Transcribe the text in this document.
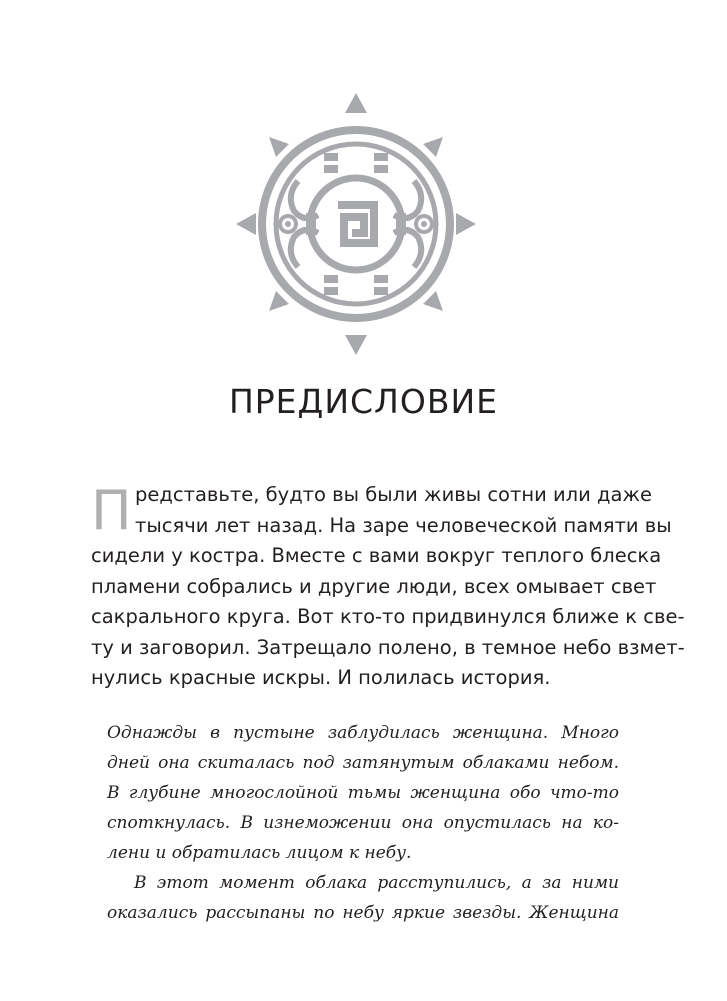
ПРЕДИСЛОВИЕ
П редставьте, будто вы были живы сотни или даже
тысячи лет назад. На заре человеческой памяти вы
сидели у костра. Вместе с вами вокруг теплого блеска
пламени собрались и другие люди, всех омывает свет
сакрального круга. Вот кто-то придвинулся ближе к све-
ту и заговорил. Затрещало полено, в темное небо взмет-
нулись красные искры. И полилась история.
Однажды в пустыне заблудилась женщина. Много
дней она скиталась под затянутым облаками небом.
В глубине многослойной тьмы женщина обо что-то
споткнулась. В изнеможении она опустилась на ко-
лени и обратилась лицом к небу.
В этот момент облака расступились, а за ними
оказались рассыпаны по небу яркие звезды. Женщина
